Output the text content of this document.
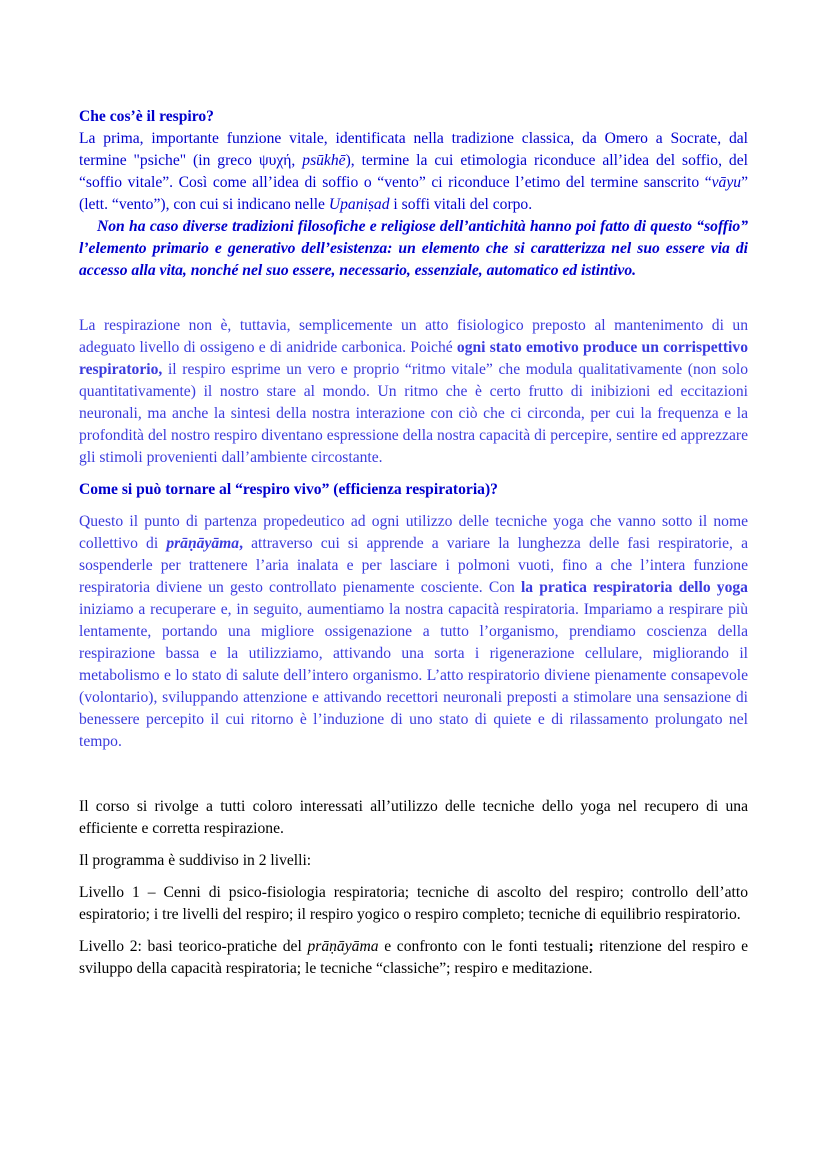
Che cos’è il respiro?

La prima, importante funzione vitale, identificata nella tradizione classica, da Omero a Socrate, dal termine "psiche" (in greco ψυχή, psūkhē), termine la cui etimologia riconduce all’idea del soffio, del “soffio vitale”. Così come all’idea di soffio o “vento” ci riconduce l’etimo del termine sanscrito “vāyu” (lett. “vento”), con cui si indicano nelle Upaniṣad i soffi vitali del corpo.

Non ha caso diverse tradizioni filosofiche e religiose dell’antichità hanno poi fatto di questo “soffio” l’elemento primario e generativo dell’esistenza: un elemento che si caratterizza nel suo essere via di accesso alla vita, nonché nel suo essere, necessario, essenziale, automatico ed istintivo.

La respirazione non è, tuttavia, semplicemente un atto fisiologico preposto al mantenimento di un adeguato livello di ossigeno e di anidride carbonica. Poiché ogni stato emotivo produce un corrispettivo respiratorio, il respiro esprime un vero e proprio “ritmo vitale” che modula qualitativamente (non solo quantitativamente) il nostro stare al mondo. Un ritmo che è certo frutto di inibizioni ed eccitazioni neuronali, ma anche la sintesi della nostra interazione con ciò che ci circonda, per cui la frequenza e la profondità del nostro respiro diventano espressione della nostra capacità di percepire, sentire ed apprezzare gli stimoli provenienti dall’ambiente circostante.

Come si può tornare al “respiro vivo” (efficienza respiratoria)?

Questo il punto di partenza propedeutico ad ogni utilizzo delle tecniche yoga che vanno sotto il nome collettivo di prāṇāyāma, attraverso cui si apprende a variare la lunghezza delle fasi respiratorie, a sospenderle per trattenere l’aria inalata e per lasciare i polmoni vuoti, fino a che l’intera funzione respiratoria diviene un gesto controllato pienamente cosciente. Con la pratica respiratoria dello yoga iniziamo a recuperare e, in seguito, aumentiamo la nostra capacità respiratoria. Impariamo a respirare più lentamente, portando una migliore ossigenazione a tutto l’organismo, prendiamo coscienza della respirazione bassa e la utilizziamo, attivando una sorta i rigenerazione cellulare, migliorando il metabolismo e lo stato di salute dell’intero organismo. L’atto respiratorio diviene pienamente consapevole (volontario), sviluppando attenzione e attivando recettori neuronali preposti a stimolare una sensazione di benessere percepito il cui ritorno è l’induzione di uno stato di quiete e di rilassamento prolungato nel tempo.

Il corso si rivolge a tutti coloro interessati all’utilizzo delle tecniche dello yoga nel recupero di una efficiente e corretta respirazione.

Il programma è suddiviso in 2 livelli:

Livello 1 – Cenni di psico-fisiologia respiratoria; tecniche di ascolto del respiro; controllo dell’atto espiratorio; i tre livelli del respiro; il respiro yogico o respiro completo; tecniche di equilibrio respiratorio.

Livello 2: basi teorico-pratiche del prāṇāyāma e confronto con le fonti testuali; ritenzione del respiro e sviluppo della capacità respiratoria; le tecniche “classiche”; respiro e meditazione.
